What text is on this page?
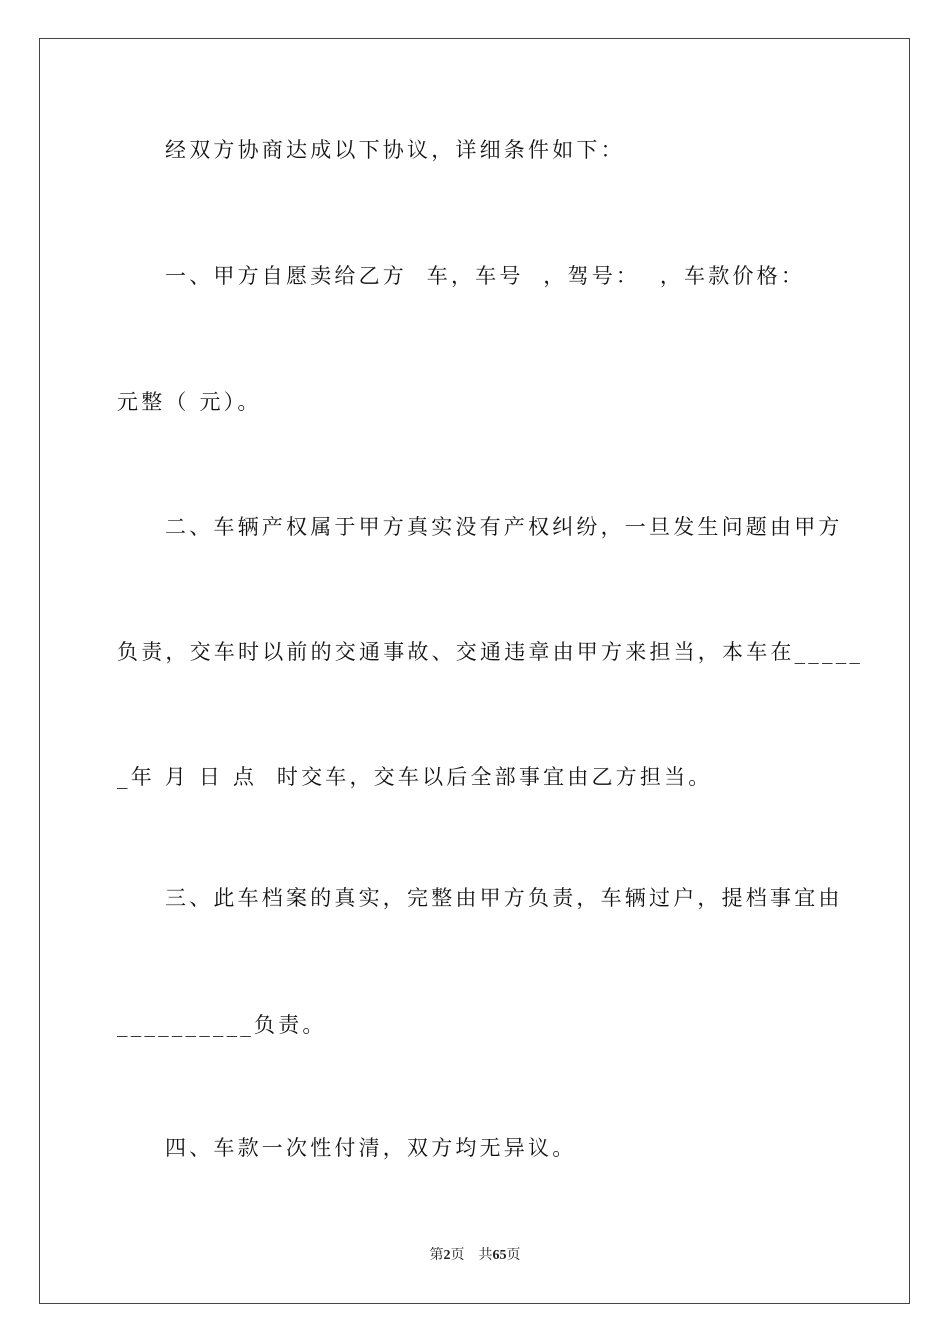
经双方协商达成以下协议，详细条件如下：

一、甲方自愿卖给乙方  车，车号  ，驾号：  ，车款价格：

元整（ 元）。

二、车辆产权属于甲方真实没有产权纠纷，一旦发生问题由甲方

负责，交车时以前的交通事故、交通违章由甲方来担当，本车在_____

_年 月 日 点  时交车，交车以后全部事宜由乙方担当。

三、此车档案的真实，完整由甲方负责，车辆过户，提档事宜由

__________负责。

四、车款一次性付清，双方均无异议。

第2页 共65页
